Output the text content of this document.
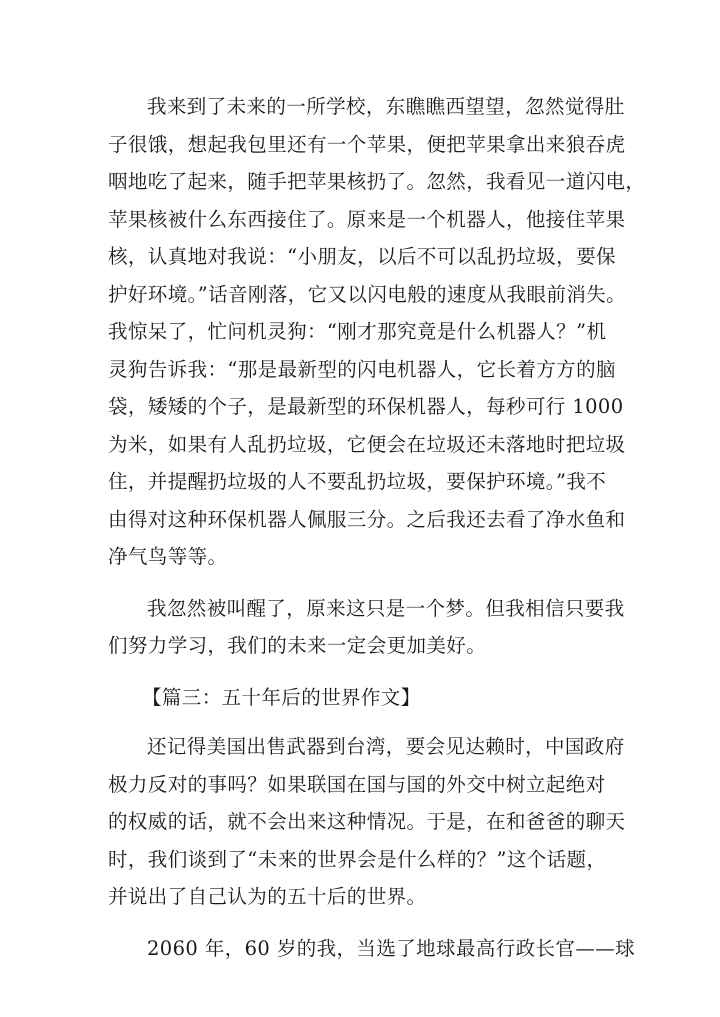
我来到了未来的一所学校，东瞧瞧西望望，忽然觉得肚
子很饿，想起我包里还有一个苹果，便把苹果拿出来狼吞虎
咽地吃了起来，随手把苹果核扔了。忽然，我看见一道闪电，
苹果核被什么东西接住了。原来是一个机器人，他接住苹果
核，认真地对我说：“小朋友，以后不可以乱扔垃圾，要保
护好环境。”话音刚落，它又以闪电般的速度从我眼前消失。
我惊呆了，忙问机灵狗：“刚才那究竟是什么机器人？”机
灵狗告诉我：“那是最新型的闪电机器人，它长着方方的脑
袋，矮矮的个子，是最新型的环保机器人，每秒可行 1000
为米，如果有人乱扔垃圾，它便会在垃圾还未落地时把垃圾
住，并提醒扔垃圾的人不要乱扔垃圾，要保护环境。”我不
由得对这种环保机器人佩服三分。之后我还去看了净水鱼和
净气鸟等等。
我忽然被叫醒了，原来这只是一个梦。但我相信只要我
们努力学习，我们的未来一定会更加美好。
【篇三：五十年后的世界作文】
还记得美国出售武器到台湾，要会见达赖时，中国政府
极力反对的事吗？如果联国在国与国的外交中树立起绝对
的权威的话，就不会出来这种情况。于是，在和爸爸的聊天
时，我们谈到了“未来的世界会是什么样的？”这个话题，
并说出了自己认为的五十后的世界。
2060 年，60 岁的我，当选了地球最高行政长官——球
